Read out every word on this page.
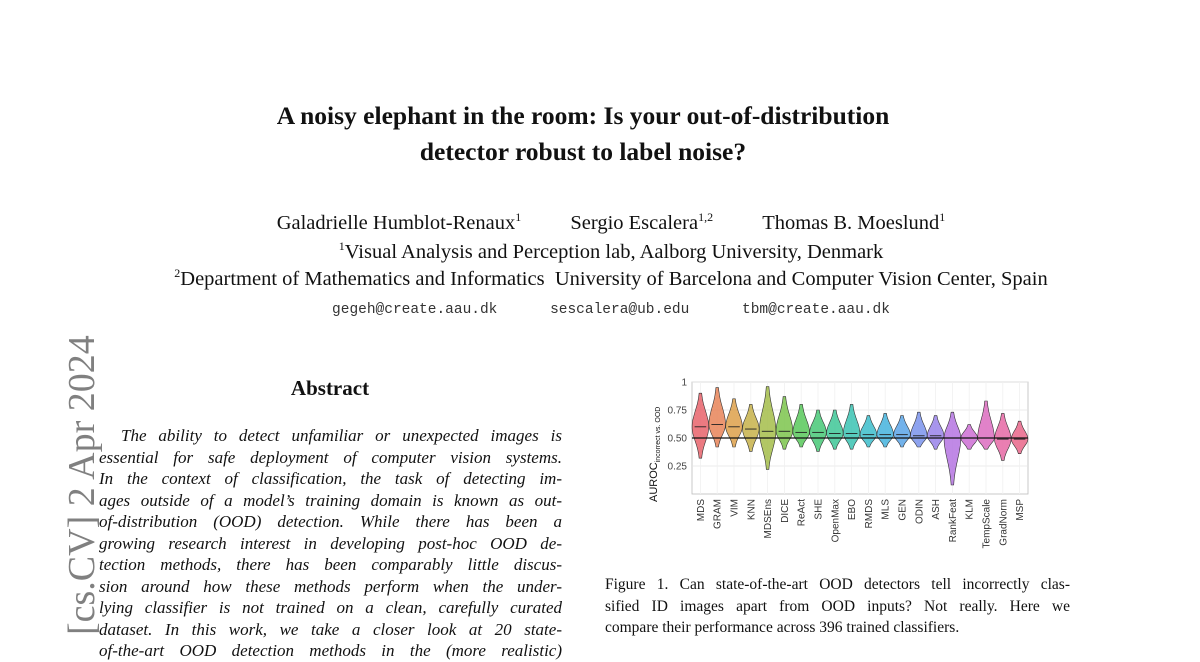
[cs.CV] 2 Apr 2024
A noisy elephant in the room: Is your out-of-distribution
detector robust to label noise?
Galadrielle Humblot-Renaux$^1$ Sergio Escalera$^{1,2}$ Thomas B. Moeslund$^1$
$^1$Visual Analysis and Perception lab, Aalborg University, Denmark
$^2$Department of Mathematics and Informatics  University of Barcelona and Computer Vision Center, Spain
gegeh@create.aau.dk	sescalera@ub.edu	tbm@create.aau.dk
Abstract
The ability to detect unfamiliar or unexpected images is
essential for safe deployment of computer vision systems.
In the context of classification, the task of detecting im-
ages outside of a model’s training domain is known as out-
of-distribution (OOD) detection. While there has been a
growing research interest in developing post-hoc OOD de-
tection methods, there has been comparably little discus-
sion around how these methods perform when the under-
lying classifier is not trained on a clean, carefully curated
dataset. In this work, we take a closer look at 20 state-
of-the-art OOD detection methods in the (more realistic)
0.25
0.50
0.75
1
MDS GRAM VIM KNN MDSEns DICE ReAct SHE OpenMax EBO RMDS MLS GEN ODIN ASH RankFeat KLM TempScale GradNorm MSP
$AUROC_{incorrect vs. OOD}$
Figure 1. Can state-of-the-art OOD detectors tell incorrectly clas-
sified ID images apart from OOD inputs? Not really. Here we
compare their performance across 396 trained classifiers.
